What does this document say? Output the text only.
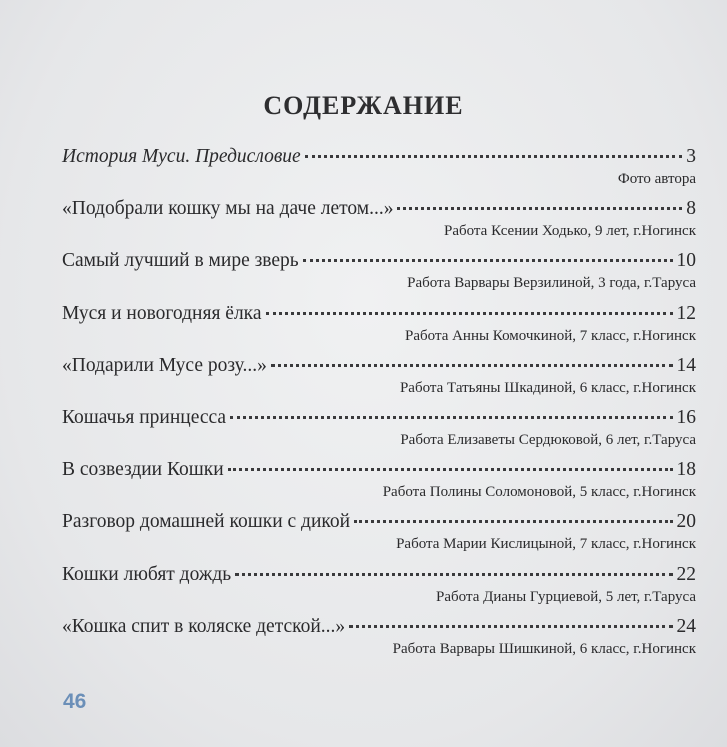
СОДЕРЖАНИЕ
История Муси. Предисловие	3
Фото автора
«Подобрали кошку мы на даче летом...»	8
Работа Ксении Ходько, 9 лет, г.Ногинск
Самый лучший в мире зверь	10
Работа Варвары Верзилиной, 3 года, г.Таруса
Муся и новогодняя ёлка	12
Работа Анны Комочкиной, 7 класс, г.Ногинск
«Подарили Мусе розу...»	14
Работа Татьяны Шкадиной, 6 класс, г.Ногинск
Кошачья принцесса	16
Работа Елизаветы Сердюковой, 6 лет, г.Таруса
В созвездии Кошки	18
Работа Полины Соломоновой, 5 класс, г.Ногинск
Разговор домашней кошки с дикой	20
Работа Марии Кислицыной, 7 класс, г.Ногинск
Кошки любят дождь	22
Работа Дианы Гурциевой, 5 лет, г.Таруса
«Кошка спит в коляске детской...»	24
Работа Варвары Шишкиной, 6 класс, г.Ногинск
46
